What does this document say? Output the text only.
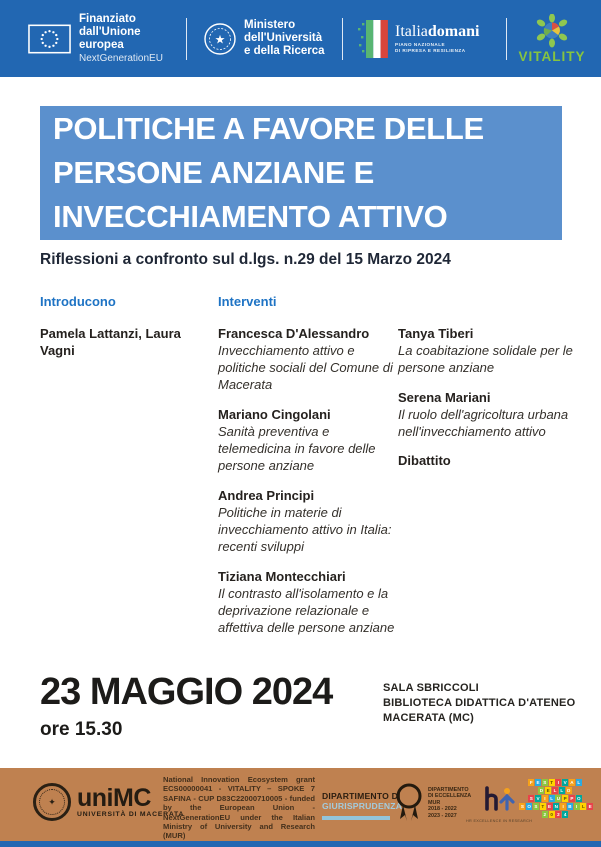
Finanziato
dall'Unione europea
NextGenerationEU
★
Ministero
dell'Università
e della Ricerca
Italiadomani
PIANO NAZIONALE
DI RIPRESA E RESILIENZA	VITALITY
POLITICHE A FAVORE DELLE
PERSONE ANZIANE E
INVECCHIAMENTO ATTIVO
Riflessioni a confronto sul d.lgs. n.29 del 15 Marzo 2024
Introducono
Pamela Lattanzi, Laura Vagni
Interventi
Francesca D'Alessandro
Invecchiamento attivo e politiche sociali del Comune di Macerata
Mariano Cingolani
Sanità preventiva e telemedicina in favore delle persone anziane
Andrea Principi
Politiche in materie di invecchiamento attivo in Italia: recenti sviluppi
Tiziana Montecchiari
Il contrasto all'isolamento e la deprivazione relazionale e affettiva delle persone anziane
Tanya Tiberi
La coabitazione solidale per le persone anziane
Serena Mariani
Il ruolo dell'agricoltura urbana nell'invecchiamento attivo
Dibattito
23 MAGGIO 2024
ore 15.30
SALA SBRICCOLI
BIBLIOTECA DIDATTICA D'ATENEO
MACERATA (MC)
✦ uniMC
UNIVERSITÀ DI MACERATA
National Innovation Ecosystem grant ECS00000041 - VITALITY – SPOKE 7 SAFINA - CUP D83C22000710005 - funded by the European Union - NextGenerationEU under the Italian Ministry of University and Research (MUR)
DIPARTIMENTO DI
GIURISPRUDENZA
DIPARTIMENTO
DI ECCELLENZA
MUR
2018 - 2022
2023 - 2027
HR EXCELLENCE IN RESEARCH
F E S T I V A L
D E L L O
S V I L U P P O
S O S T E N I B I L E
2 0 2 4
